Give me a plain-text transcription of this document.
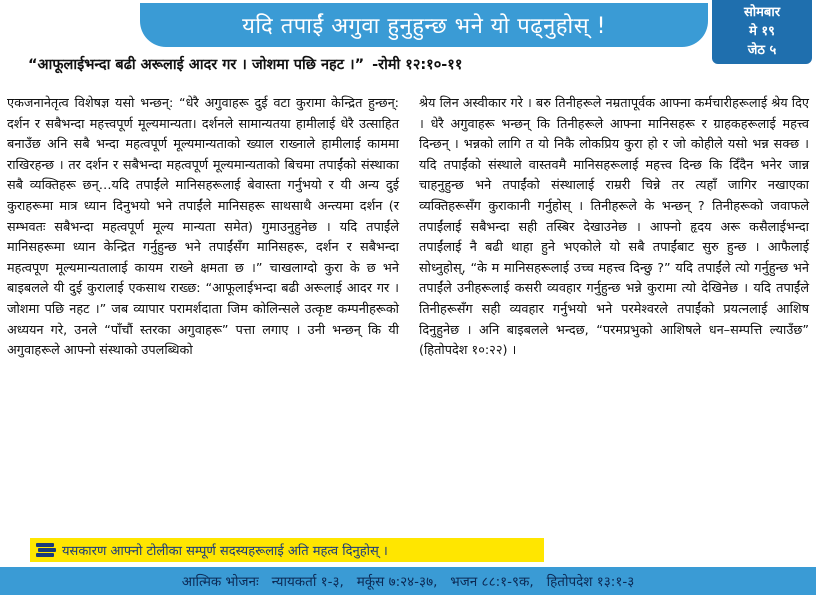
यदि तपाईं अगुवा हुनुहुन्छ भने यो पढ्नुहोस् !
सोमबार
मे १९
जेठ ५
“आफूलाईभन्दा बढी अरूलाई आदर गर । जोशमा पछि नहट ।” -रोमी १२:१०-११

एकजनानेतृत्व विशेषज्ञ यसो भन्छन्: “धेरै अगुवाहरू दुई वटा कुरामा केन्द्रित हुन्छन्: दर्शन र सबैभन्दा महत्त्वपूर्ण मूल्यमान्यता। दर्शनले सामान्यतया हामीलाई धेरै उत्साहित बनाउँछ अनि सबै भन्दा महत्वपूर्ण मूल्यमान्यताको ख्याल राख्नाले हामीलाई काममा राखिरहन्छ । तर दर्शन र सबैभन्दा महत्वपूर्ण मूल्यमान्यताको बिचमा तपाईंको संस्थाका सबै व्यक्तिहरू छन्…यदि तपाईंले मानिसहरूलाई बेवास्ता गर्नुभयो र यी अन्य दुई कुराहरूमा मात्र ध्यान दिनुभयो भने तपाईंले मानिसहरू साथसाथै अन्त्यमा दर्शन (र सम्भवतः सबैभन्दा महत्वपूर्ण मूल्य मान्यता समेत) गुमाउनुहुनेछ । यदि तपाईंले मानिसहरूमा ध्यान केन्द्रित गर्नुहुन्छ भने तपाईंसँग मानिसहरू, दर्शन र सबैभन्दा महत्वपूण मूल्यमान्यतालाई कायम राख्ने क्षमता छ ।” चाखलाग्दो कुरा के छ भने बाइबलले यी दुई कुरालाई एकसाथ राख्छ: “आफूलाईभन्दा बढी अरूलाई आदर गर । जोशमा पछि नहट ।” जब व्यापार परामर्शदाता जिम कोलिन्सले उत्कृष्ट कम्पनीहरूको अध्ययन गरे, उनले “पाँचौं स्तरका अगुवाहरू” पत्ता लगाए । उनी भन्छन् कि यी अगुवाहरूले आफ्नो संस्थाको उपलब्धिको

श्रेय लिन अस्वीकार गरे । बरु तिनीहरूले नम्रतापूर्वक आफ्ना कर्मचारीहरूलाई श्रेय दिए । धेरै अगुवाहरू भन्छन् कि तिनीहरूले आफ्ना मानिसहरू र ग्राहकहरूलाई महत्त्व दिन्छन् । भन्नको लागि त यो निकै लोकप्रिय कुरा हो र जो कोहीले यसो भन्न सक्छ । यदि तपाईंको संस्थाले वास्तवमै मानिसहरूलाई महत्त्व दिन्छ कि दिँदैन भनेर जान्न चाहनुहुन्छ भने तपाईंको संस्थालाई राम्ररी चिन्ने तर त्यहाँ जागिर नखाएका व्यक्तिहरूसँग कुराकानी गर्नुहोस् । तिनीहरूले के भन्छन् ? तिनीहरूको जवाफले तपाईंलाई सबैभन्दा सही तस्बिर देखाउनेछ । आफ्नो हृदय अरू कसैलाईभन्दा तपाईंलाई नै बढी थाहा हुने भएकोले यो सबै तपाईंबाट सुरु हुन्छ । आफैलाई सोध्नुहोस्, “के म मानिसहरूलाई उच्च महत्त्व दिन्छु ?” यदि तपाईंले त्यो गर्नुहुन्छ भने तपाईंले उनीहरूलाई कसरी व्यवहार गर्नुहुन्छ भन्ने कुरामा त्यो देखिनेछ । यदि तपाईंले तिनीहरूसँग सही व्यवहार गर्नुभयो भने परमेश्वरले तपाईंको प्रयत्नलाई आशिष दिनुहुनेछ । अनि बाइबलले भन्दछ, “परमप्रभुको आशिषले धन–सम्पत्ति ल्याउँछ” (हितोपदेश १०:२२) ।

यसकारण आफ्नो टोलीका सम्पूर्ण सदस्यहरूलाई अति महत्व दिनुहोस् ।
आत्मिक भोजनः   न्यायकर्ता १-३,   मर्कूस ७:२४-३७,   भजन ८८:१-९क,   हितोपदेश १३:१-३
